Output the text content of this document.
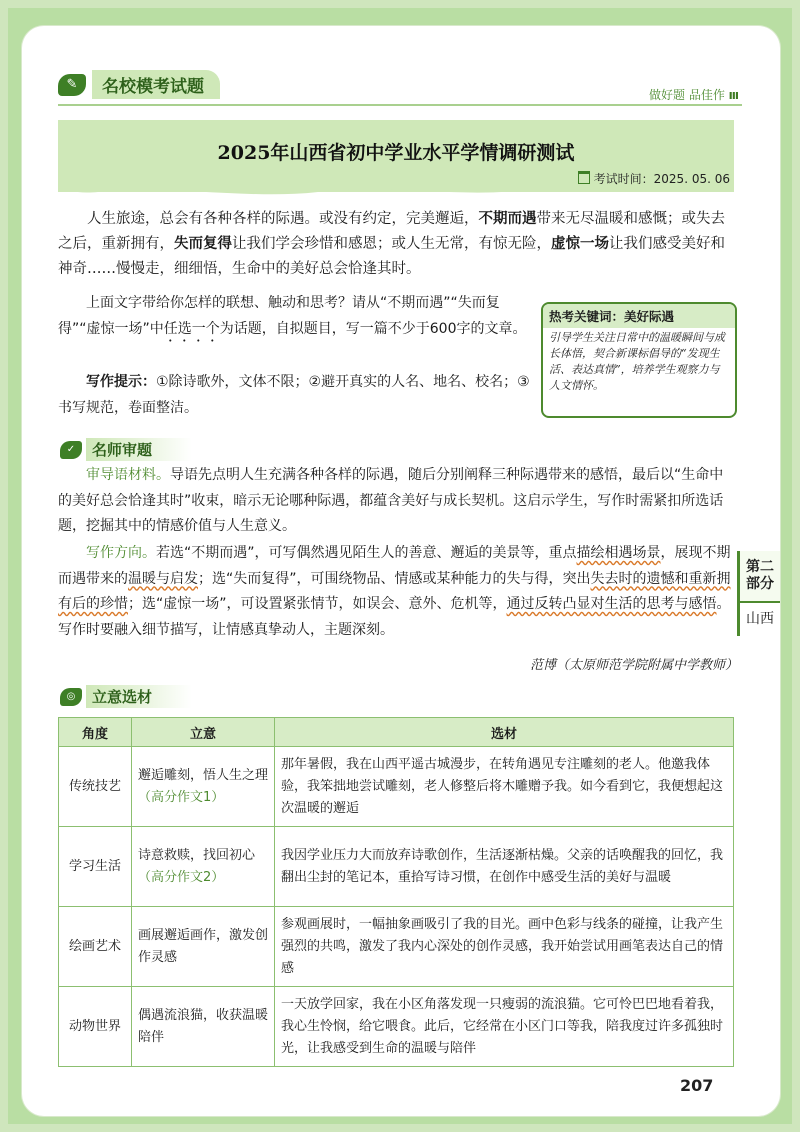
第二部分
山西
✎	名校模考试题	做好题 品佳作 ııı
2025年山西省初中学业水平学情调研测试
考试时间：2025. 05. 06
人生旅途，总会有各种各样的际遇。或没有约定，完美邂逅，不期而遇带来无尽温暖和感慨；或失去之后，重新拥有，失而复得让我们学会珍惜和感恩；或人生无常，有惊无险，虚惊一场让我们感受美好和神奇……慢慢走，细细悟，生命中的美好总会恰逢其时。
上面文字带给你怎样的联想、触动和思考？请从“不期而遇”“失而复得”“虚惊一场”中任选一个为话题，自拟题目，写一篇不少于600字的文章。
写作提示：①除诗歌外，文体不限；②避开真实的人名、地名、校名；③书写规范，卷面整洁。
热考关键词：美好际遇
引导学生关注日常中的温暖瞬间与成长体悟，契合新课标倡导的“发现生活、表达真情”，培养学生观察力与人文情怀。
✓	名师审题
审导语材料。导语先点明人生充满各种各样的际遇，随后分别阐释三种际遇带来的感悟，最后以“生命中的美好总会恰逢其时”收束，暗示无论哪种际遇，都蕴含美好与成长契机。这启示学生，写作时需紧扣所选话题，挖掘其中的情感价值与人生意义。
写作方向。若选“不期而遇”，可写偶然遇见陌生人的善意、邂逅的美景等，重点描绘相遇场景，展现不期而遇带来的温暖与启发；选“失而复得”，可围绕物品、情感或某种能力的失与得，突出失去时的遗憾和重新拥有后的珍惜；选“虚惊一场”，可设置紧张情节，如误会、意外、危机等，通过反转凸显对生活的思考与感悟。写作时要融入细节描写，让情感真挚动人，主题深刻。
范博（太原师范学院附属中学教师）
◎	立意选材
角度	立意	选材
传统技艺	邂逅雕刻，悟人生之理（高分作文1）	那年暑假，我在山西平遥古城漫步，在转角遇见专注雕刻的老人。他邀我体验，我笨拙地尝试雕刻，老人修整后将木雕赠予我。如今看到它，我便想起这次温暖的邂逅
学习生活	诗意救赎，找回初心（高分作文2）	我因学业压力大而放弃诗歌创作，生活逐渐枯燥。父亲的话唤醒我的回忆，我翻出尘封的笔记本，重拾写诗习惯，在创作中感受生活的美好与温暖
绘画艺术	画展邂逅画作，激发创作灵感	参观画展时，一幅抽象画吸引了我的目光。画中色彩与线条的碰撞，让我产生强烈的共鸣，激发了我内心深处的创作灵感，我开始尝试用画笔表达自己的情感
动物世界	偶遇流浪猫，收获温暖陪伴	一天放学回家，我在小区角落发现一只瘦弱的流浪猫。它可怜巴巴地看着我，我心生怜悯，给它喂食。此后，它经常在小区门口等我，陪我度过许多孤独时光，让我感受到生命的温暖与陪伴
207
